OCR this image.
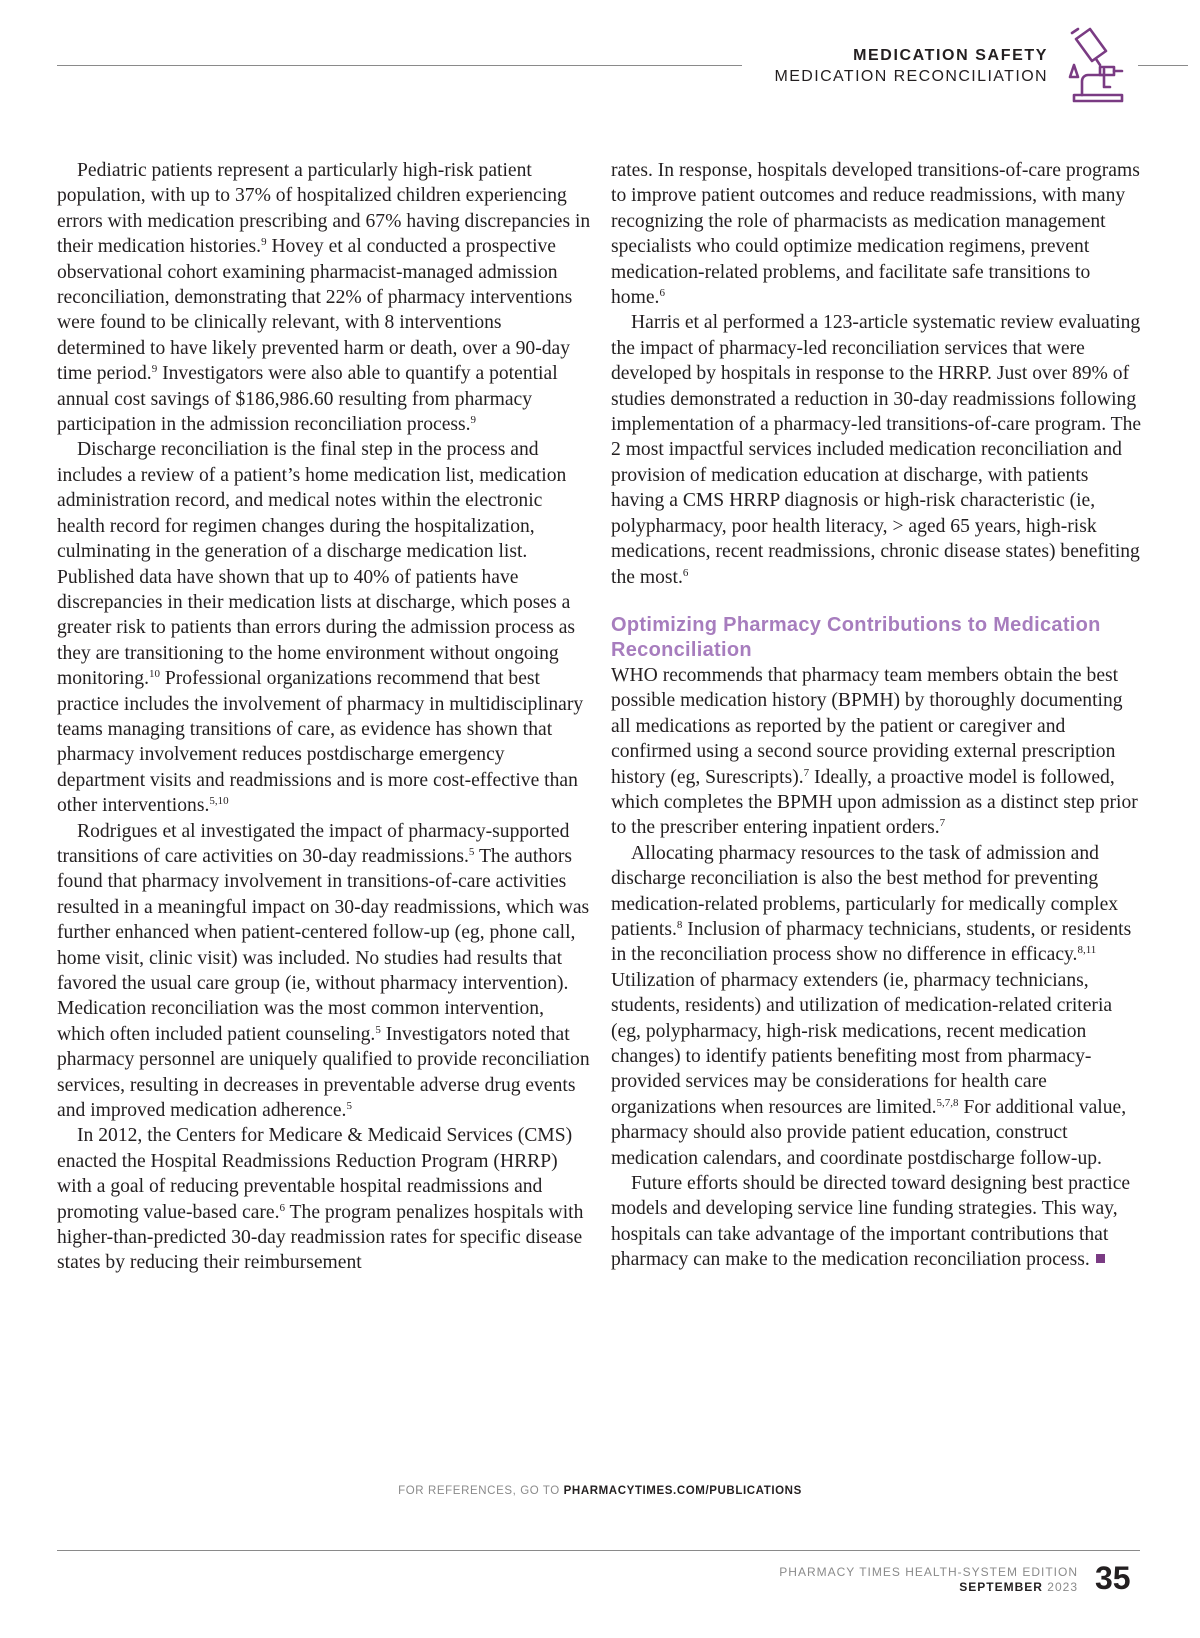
MEDICATION SAFETY
MEDICATION RECONCILIATION

Pediatric patients represent a particularly high-risk patient population, with up to 37% of hospitalized children experiencing errors with medication prescribing and 67% having discrepancies in their medication histories.$^9$ Hovey et al conducted a prospective observational cohort examining pharmacist-managed admission reconciliation, demonstrating that 22% of pharmacy interventions were found to be clinically relevant, with 8 interventions determined to have likely prevented harm or death, over a 90-day time period.$^9$ Investigators were also able to quantify a potential annual cost savings of $186,986.60 resulting from pharmacy participation in the admission reconciliation process.$^9$

Discharge reconciliation is the final step in the process and includes a review of a patient’s home medication list, medication administration record, and medical notes within the electronic health record for regimen changes during the hospitalization, culminating in the generation of a discharge medication list. Published data have shown that up to 40% of patients have discrepancies in their medication lists at discharge, which poses a greater risk to patients than errors during the admission process as they are transitioning to the home environment without ongoing monitoring.$^{10}$ Professional organizations recommend that best practice includes the involvement of pharmacy in multidisciplinary teams managing transitions of care, as evidence has shown that pharmacy involvement reduces postdischarge emergency department visits and readmissions and is more cost-effective than other interventions.$^{5,10}$

Rodrigues et al investigated the impact of pharmacy-supported transitions of care activities on 30-day readmissions.$^5$ The authors found that pharmacy involvement in transitions-of-care activities resulted in a meaningful impact on 30-day readmissions, which was further enhanced when patient-centered follow-up (eg, phone call, home visit, clinic visit) was included. No studies had results that favored the usual care group (ie, without pharmacy intervention). Medication reconciliation was the most common intervention, which often included patient counseling.$^5$ Investigators noted that pharmacy personnel are uniquely qualified to provide reconciliation services, resulting in decreases in preventable adverse drug events and improved medication adherence.$^5$

In 2012, the Centers for Medicare & Medicaid Services (CMS) enacted the Hospital Readmissions Reduction Program (HRRP) with a goal of reducing preventable hospital readmissions and promoting value-based care.$^6$ The program penalizes hospitals with higher-than-predicted 30-day readmission rates for specific disease states by reducing their reimbursement

rates. In response, hospitals developed transitions-of-care programs to improve patient outcomes and reduce readmissions, with many recognizing the role of pharmacists as medication management specialists who could optimize medication regimens, prevent medication-related problems, and facilitate safe transitions to home.$^6$

Harris et al performed a 123-article systematic review evaluating the impact of pharmacy-led reconciliation services that were developed by hospitals in response to the HRRP. Just over 89% of studies demonstrated a reduction in 30-day readmissions following implementation of a pharmacy-led transitions-of-care program. The 2 most impactful services included medication reconciliation and provision of medication education at discharge, with patients having a CMS HRRP diagnosis or high-risk characteristic (ie, polypharmacy, poor health literacy, > aged 65 years, high-risk medications, recent readmissions, chronic disease states) benefiting the most.$^6$

Optimizing Pharmacy Contributions to Medication Reconciliation

WHO recommends that pharmacy team members obtain the best possible medication history (BPMH) by thoroughly documenting all medications as reported by the patient or caregiver and confirmed using a second source providing external prescription history (eg, Surescripts).$^7$ Ideally, a proactive model is followed, which completes the BPMH upon admission as a distinct step prior to the prescriber entering inpatient orders.$^7$

Allocating pharmacy resources to the task of admission and discharge reconciliation is also the best method for preventing medication-related problems, particularly for medically complex patients.$^8$ Inclusion of pharmacy technicians, students, or residents in the reconciliation process show no difference in efficacy.$^{8,11}$ Utilization of pharmacy extenders (ie, pharmacy technicians, students, residents) and utilization of medication-related criteria (eg, polypharmacy, high-risk medications, recent medication changes) to identify patients benefiting most from pharmacy-provided services may be considerations for health care organizations when resources are limited.$^{5,7,8}$ For additional value, pharmacy should also provide patient education, construct medication calendars, and coordinate postdischarge follow-up.

Future efforts should be directed toward designing best practice models and developing service line funding strategies. This way, hospitals can take advantage of the important contributions that pharmacy can make to the medication reconciliation process.

FOR REFERENCES, GO TO PHARMACYTIMES.COM/PUBLICATIONS
PHARMACY TIMES HEALTH-SYSTEM EDITION
SEPTEMBER 2023 35
